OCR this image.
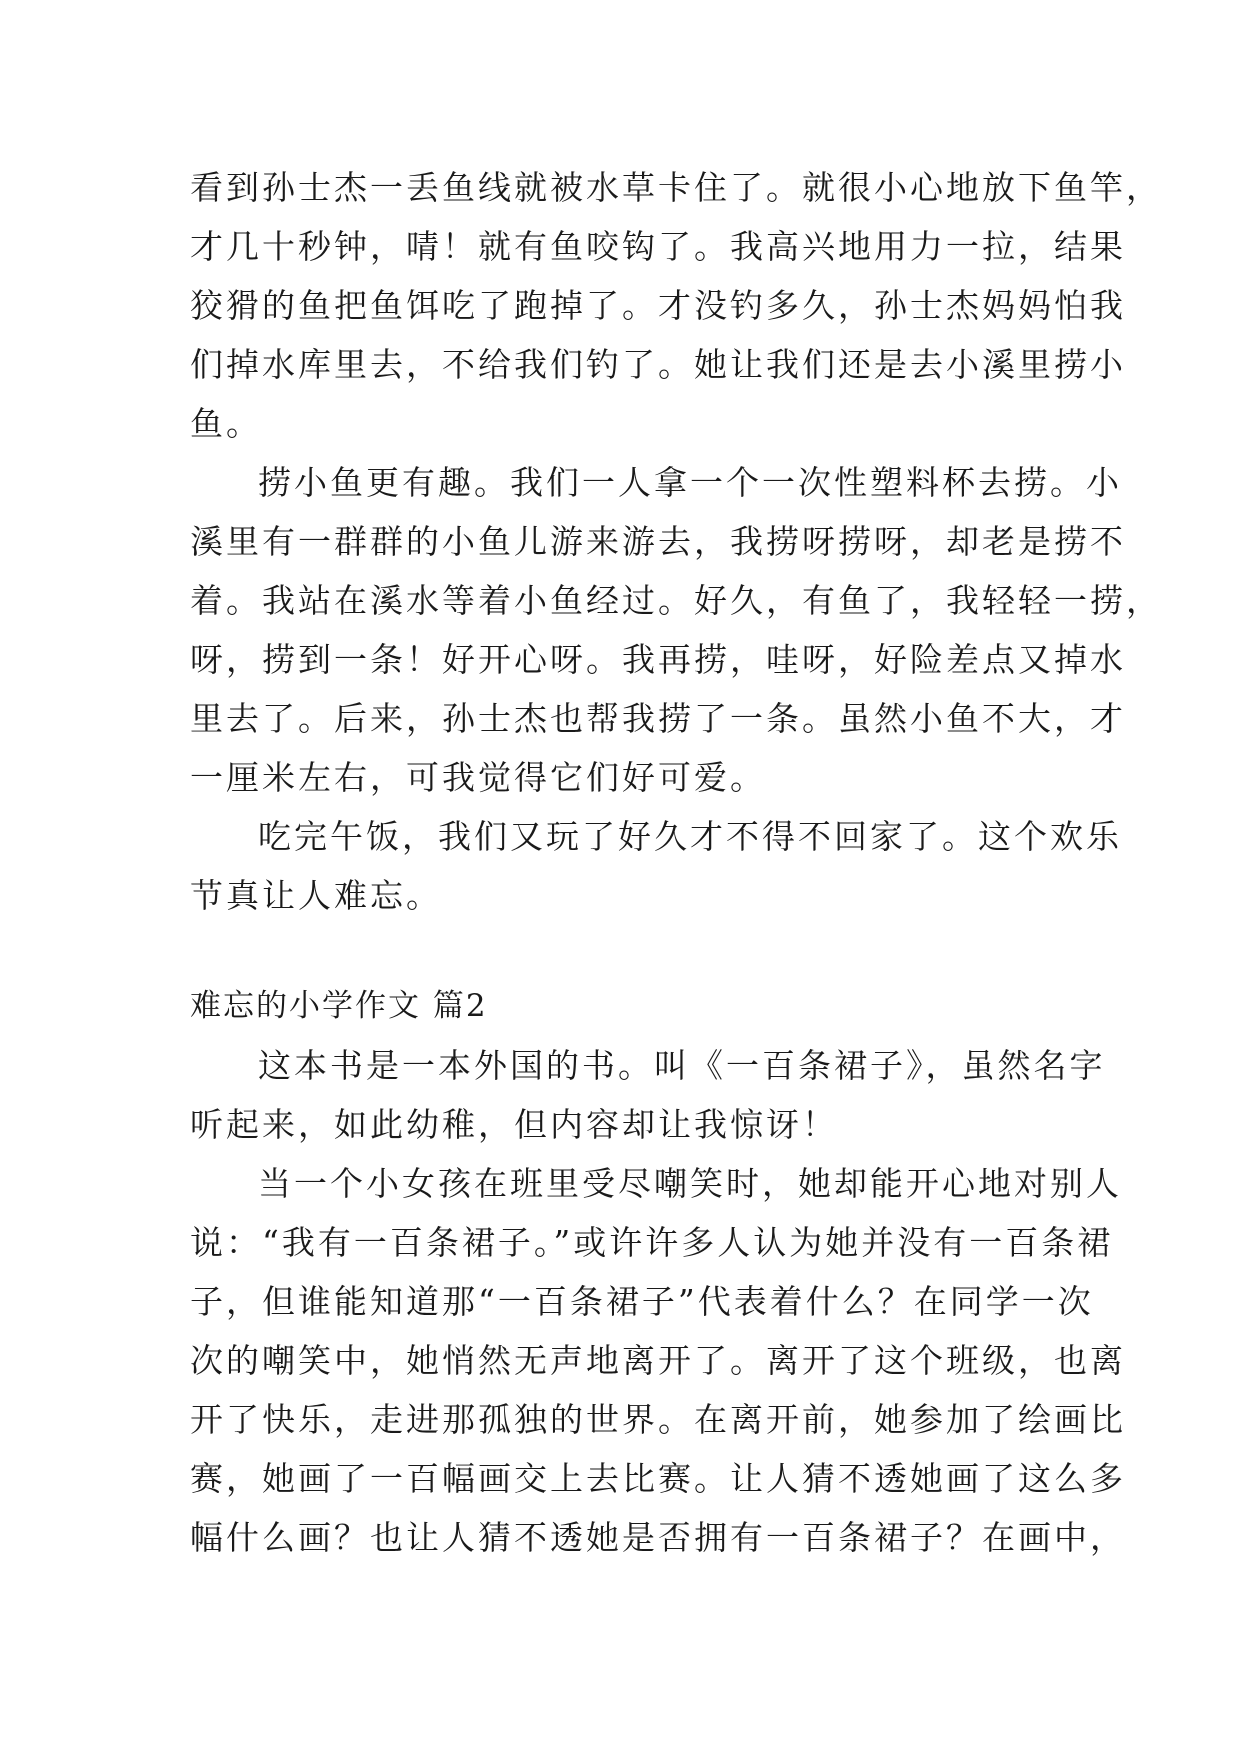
看到孙士杰一丢鱼线就被水草卡住了。就很小心地放下鱼竿，
才几十秒钟，啨！就有鱼咬钩了。我高兴地用力一拉，结果
狡猾的鱼把鱼饵吃了跑掉了。才没钓多久，孙士杰妈妈怕我
们掉水库里去，不给我们钓了。她让我们还是去小溪里捞小
鱼。
捞小鱼更有趣。我们一人拿一个一次性塑料杯去捞。小
溪里有一群群的小鱼儿游来游去，我捞呀捞呀，却老是捞不
着。我站在溪水等着小鱼经过。好久，有鱼了，我轻轻一捞，
呀，捞到一条！好开心呀。我再捞，哇呀，好险差点又掉水
里去了。后来，孙士杰也帮我捞了一条。虽然小鱼不大，才
一厘米左右，可我觉得它们好可爱。
吃完午饭，我们又玩了好久才不得不回家了。这个欢乐
节真让人难忘。
难忘的小学作文 篇2
这本书是一本外国的书。叫《一百条裙子》，虽然名字
听起来，如此幼稚，但内容却让我惊讶！
当一个小女孩在班里受尽嘲笑时，她却能开心地对别人
说：“我有一百条裙子。”或许许多人认为她并没有一百条裙
子，但谁能知道那“一百条裙子”代表着什么？在同学一次
次的嘲笑中，她悄然无声地离开了。离开了这个班级，也离
开了快乐，走进那孤独的世界。在离开前，她参加了绘画比
赛，她画了一百幅画交上去比赛。让人猜不透她画了这么多
幅什么画？也让人猜不透她是否拥有一百条裙子？在画中，
